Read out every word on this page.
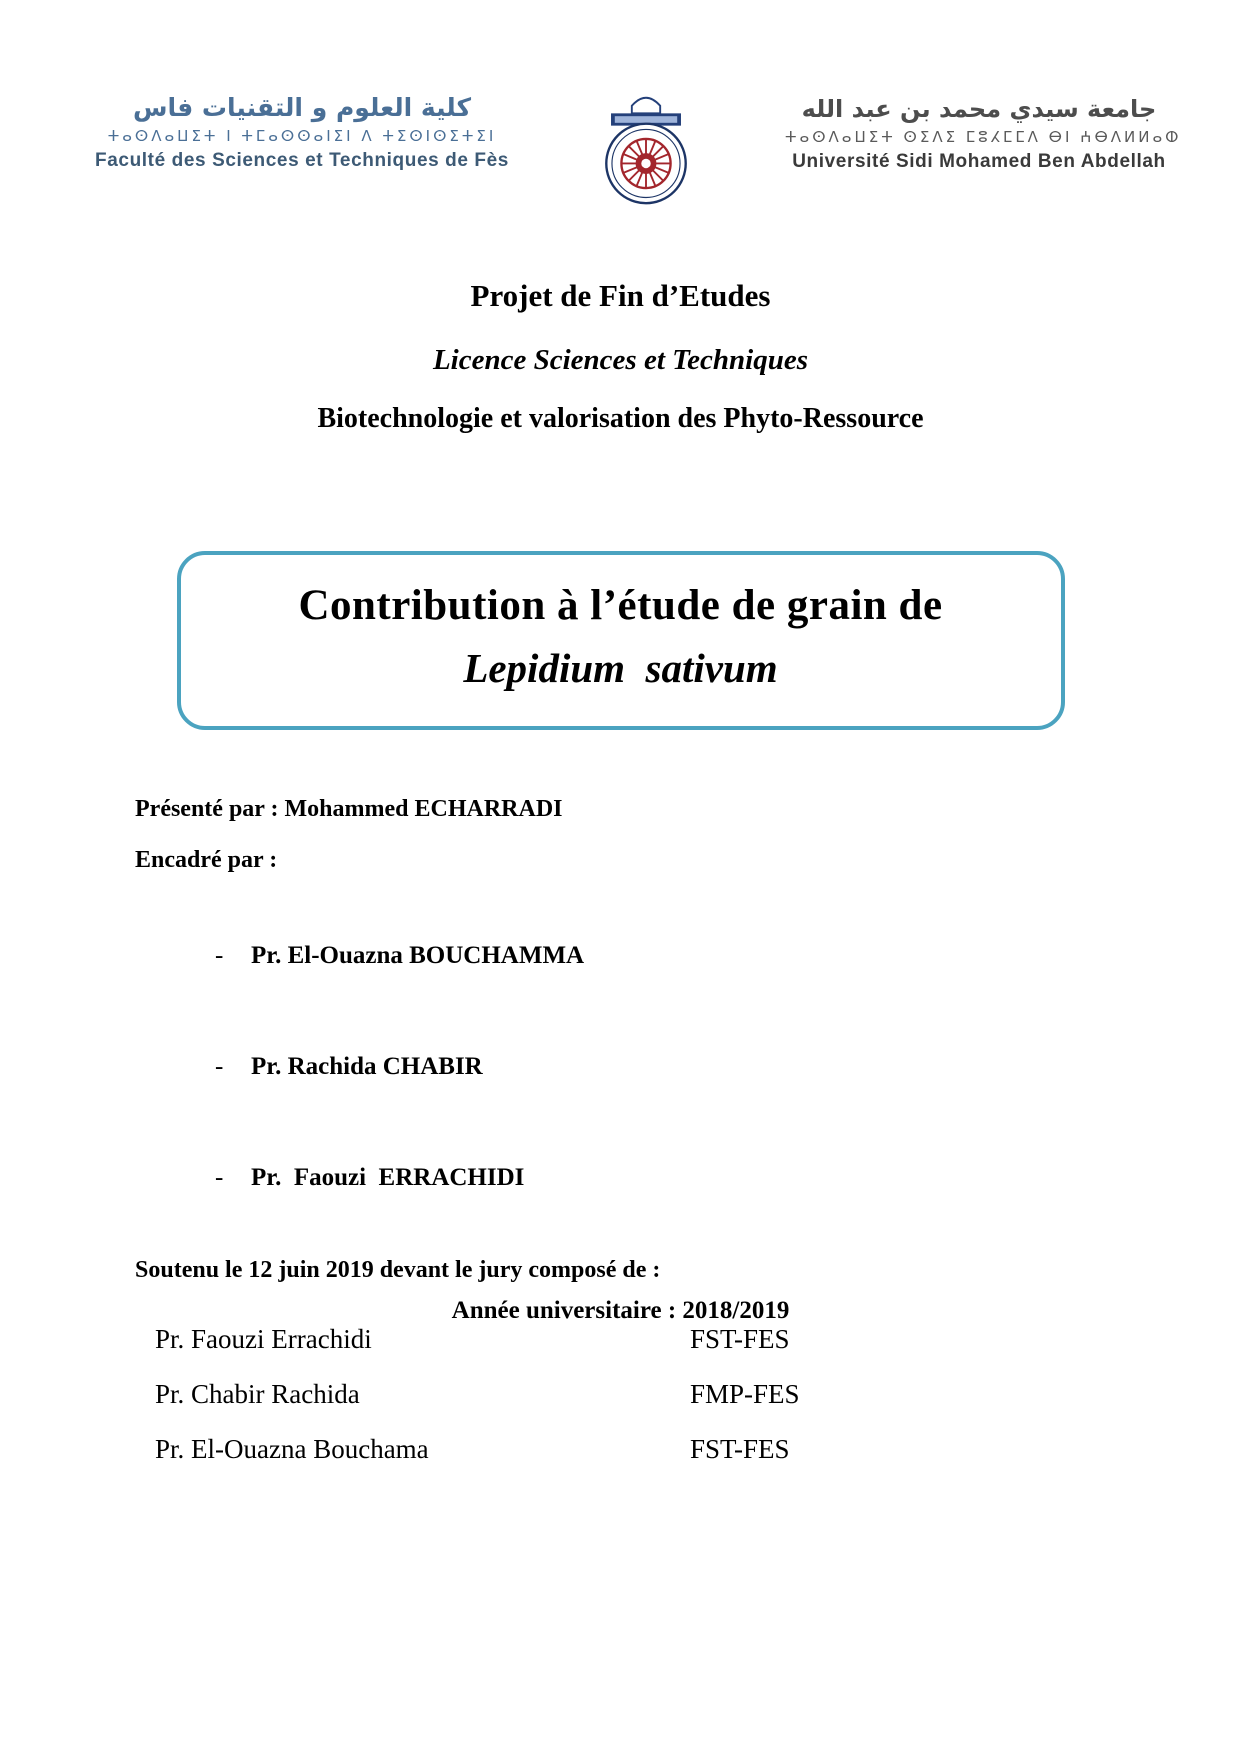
كلية العلوم و التقنيات فاس
ⵜⴰⵙⴷⴰⵡⵉⵜ ⵏ ⵜⵎⴰⵙⵙⴰⵏⵉⵏ ⴷ ⵜⵉⵙⵏⵙⵉⵜⵉⵏ
Faculté des Sciences et Techniques de Fès
جامعة سيدي محمد بن عبد الله
ⵜⴰⵙⴷⴰⵡⵉⵜ ⵙⵉⴷⵉ ⵎⵓⵃⵎⵎⴷ ⴱⵏ ⵄⴱⴷⵍⵍⴰⵀ
Université Sidi Mohamed Ben Abdellah
Projet de Fin d’Etudes
Licence Sciences et Techniques
Biotechnologie et valorisation des Phyto-Ressource
Contribution à l’étude de grain de
Lepidium  sativum
Présenté par : Mohammed ECHARRADI
Encadré par :

- Pr. El-Ouazna BOUCHAMMA

- Pr. Rachida CHABIR

- Pr.  Faouzi  ERRACHIDI

Soutenu le 12 juin 2019 devant le jury composé de :
Pr. Faouzi Errachidi	FST-FES
Pr. Chabir Rachida	FMP-FES
Pr. El-Ouazna Bouchama	FST-FES
Année universitaire : 2018/2019
